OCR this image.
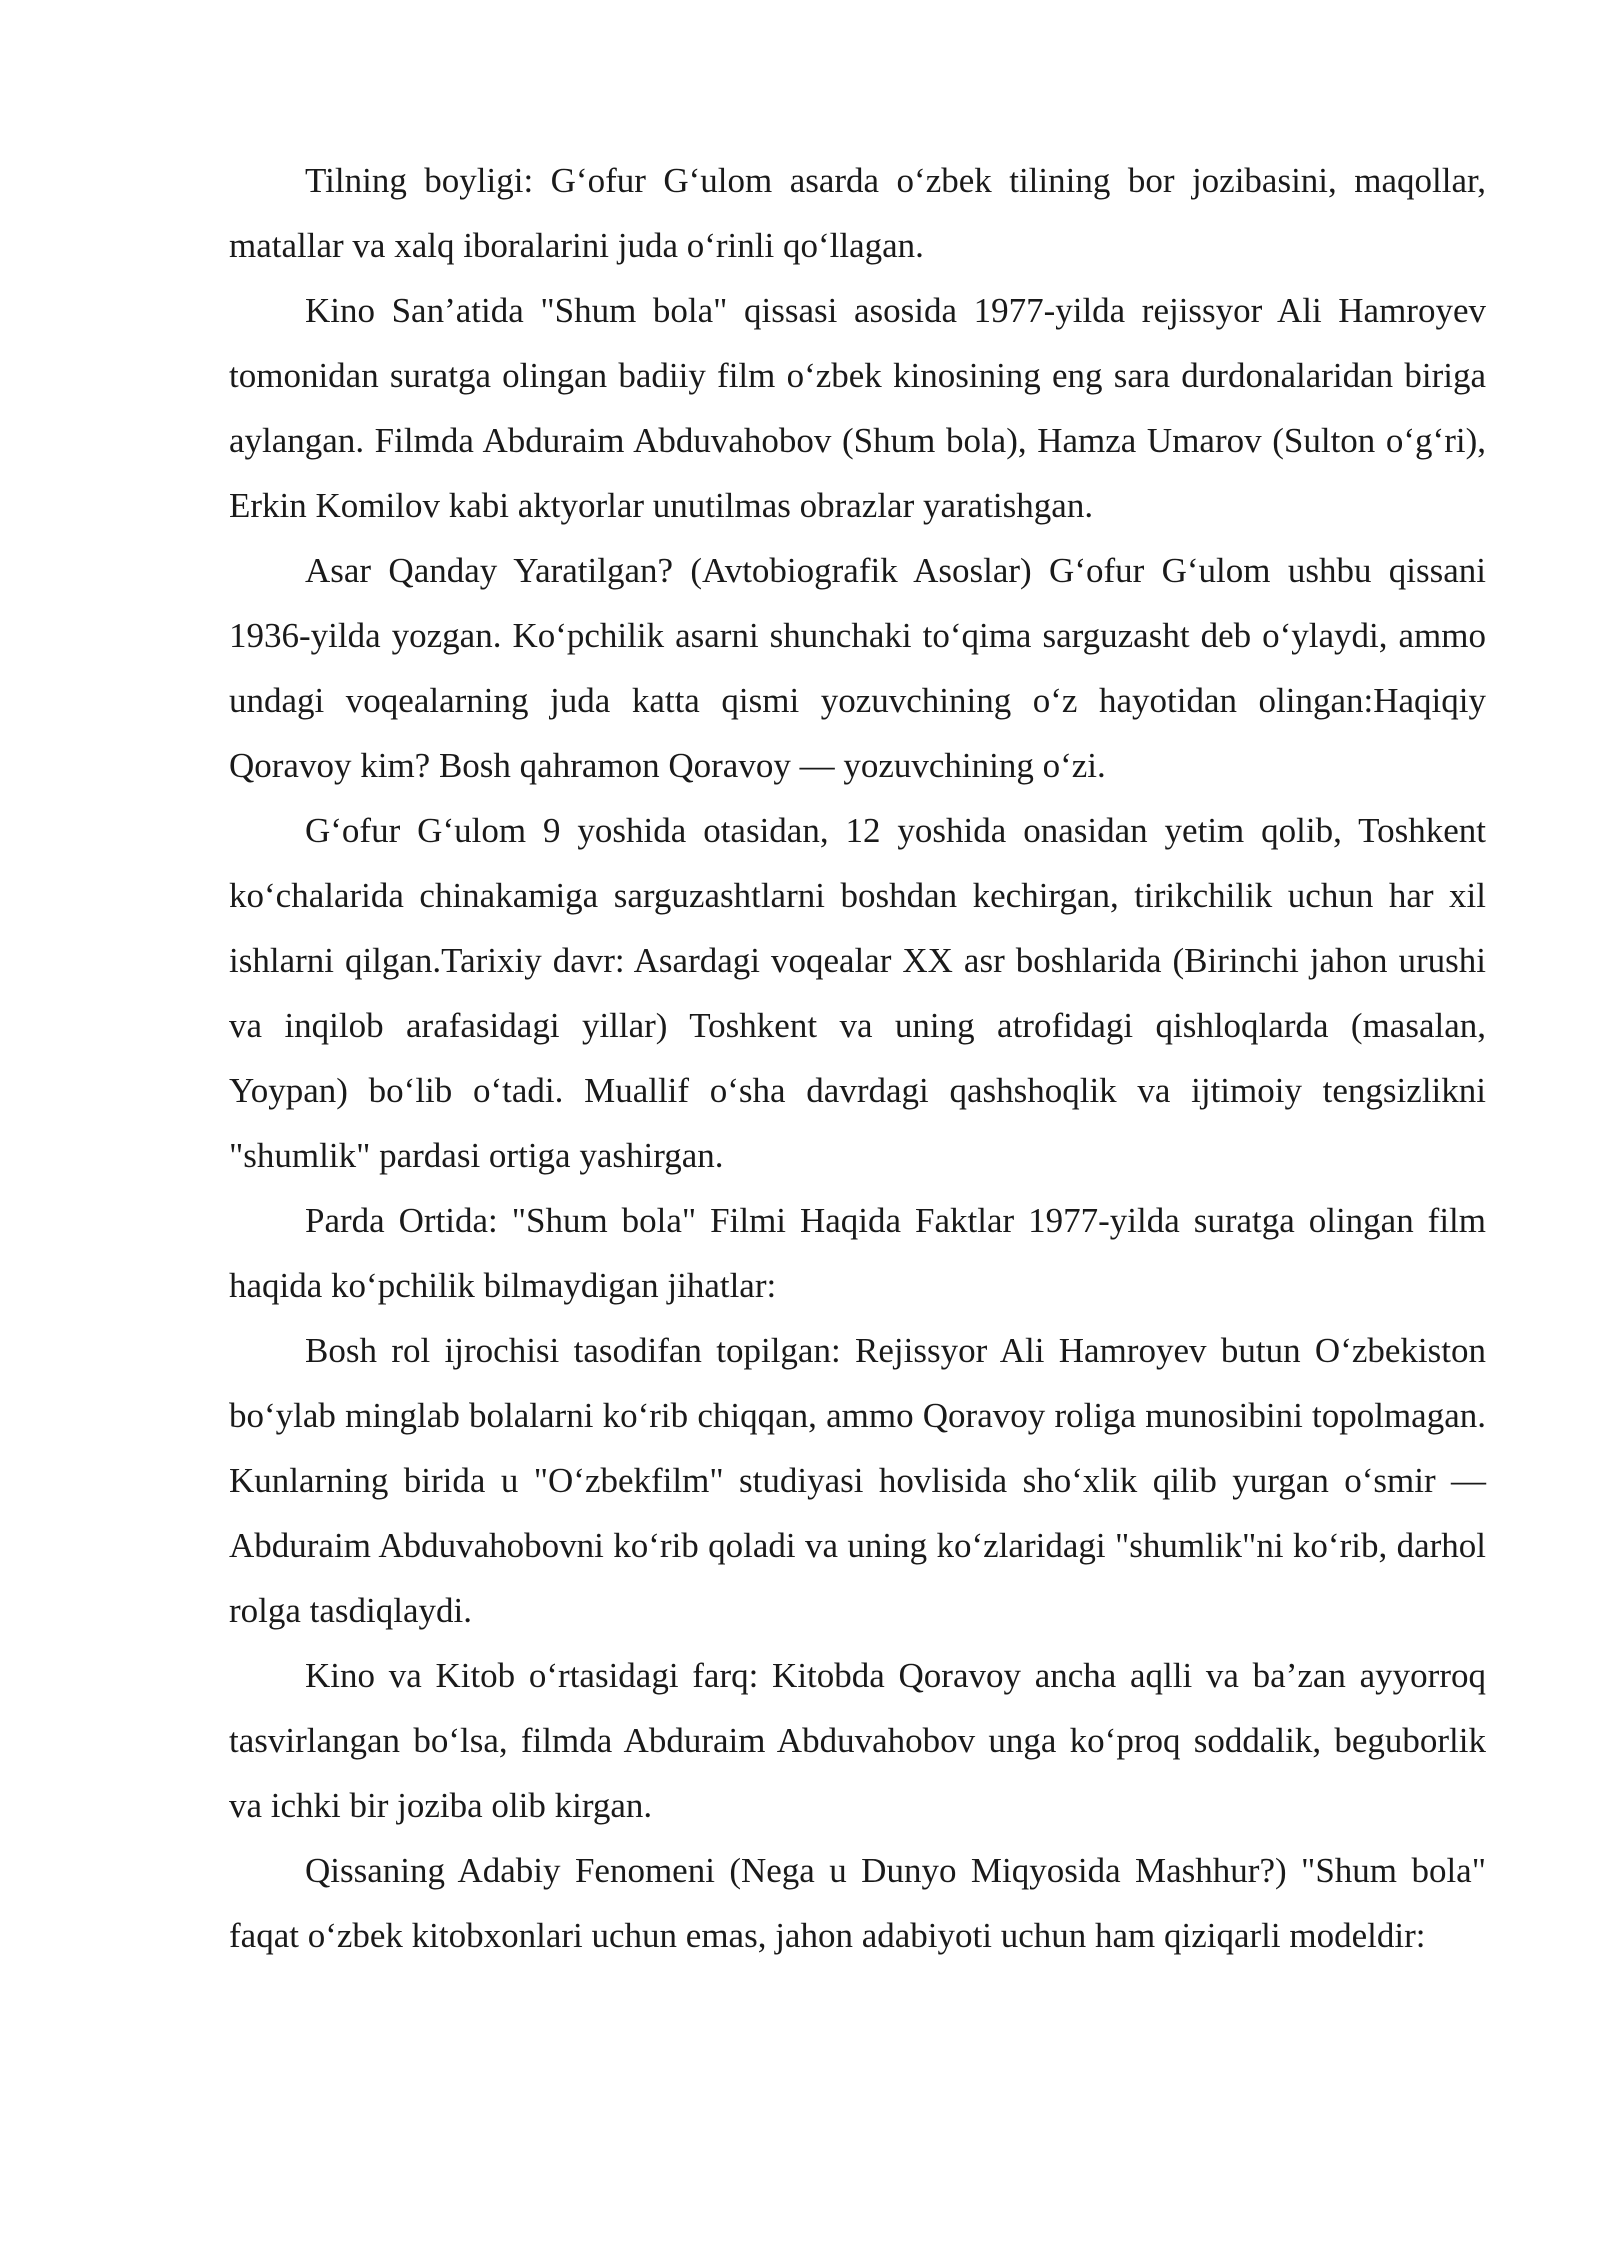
Tilning boyligi: Gʻofur Gʻulom asarda oʻzbek tilining bor jozibasini, maqollar, matallar va xalq iboralarini juda oʻrinli qoʻllagan.

Kino San’atida "Shum bola" qissasi asosida 1977-yilda rejissyor Ali Hamroyev tomonidan suratga olingan badiiy film oʻzbek kinosining eng sara durdonalaridan biriga aylangan. Filmda Abduraim Abduvahobov (Shum bola), Hamza Umarov (Sulton oʻgʻri), Erkin Komilov kabi aktyorlar unutilmas obrazlar yaratishgan.

Asar Qanday Yaratilgan? (Avtobiografik Asoslar) Gʻofur Gʻulom ushbu qissani 1936-yilda yozgan. Koʻpchilik asarni shunchaki toʻqima sarguzasht deb oʻylaydi, ammo undagi voqealarning juda katta qismi yozuvchining oʻz hayotidan olingan:Haqiqiy Qoravoy kim? Bosh qahramon Qoravoy — yozuvchining oʻzi.

Gʻofur Gʻulom 9 yoshida otasidan, 12 yoshida onasidan yetim qolib, Toshkent koʻchalarida chinakamiga sarguzashtlarni boshdan kechirgan, tirikchilik uchun har xil ishlarni qilgan.Tarixiy davr: Asardagi voqealar XX asr boshlarida (Birinchi jahon urushi va inqilob arafasidagi yillar) Toshkent va uning atrofidagi qishloqlarda (masalan, Yoypan) boʻlib oʻtadi. Muallif oʻsha davrdagi qashshoqlik va ijtimoiy tengsizlikni "shumlik" pardasi ortiga yashirgan.

Parda Ortida: "Shum bola" Filmi Haqida Faktlar 1977-yilda suratga olingan film haqida koʻpchilik bilmaydigan jihatlar:

Bosh rol ijrochisi tasodifan topilgan: Rejissyor Ali Hamroyev butun Oʻzbekiston boʻylab minglab bolalarni koʻrib chiqqan, ammo Qoravoy roliga munosibini topolmagan. Kunlarning birida u "Oʻzbekfilm" studiyasi hovlisida shoʻxlik qilib yurgan oʻsmir — Abduraim Abduvahobovni koʻrib qoladi va uning koʻzlaridagi "shumlik"ni koʻrib, darhol rolga tasdiqlaydi.

Kino va Kitob oʻrtasidagi farq: Kitobda Qoravoy ancha aqlli va ba’zan ayyorroq tasvirlangan boʻlsa, filmda Abduraim Abduvahobov unga koʻproq soddalik, beguborlik va ichki bir joziba olib kirgan.

Qissaning Adabiy Fenomeni (Nega u Dunyo Miqyosida Mashhur?) "Shum bola" faqat oʻzbek kitobxonlari uchun emas, jahon adabiyoti uchun ham qiziqarli modeldir:
